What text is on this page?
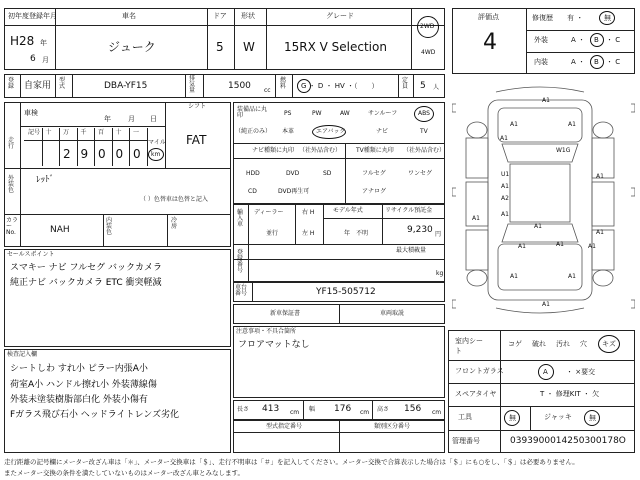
初年度登録年月
H28 年
6 月
車名
ジューク
ドア
5
形状
W
グレード
15RX V Selection
2WD
4WD
登録 自家用
型式	DBA-YF15
排気量	1500 cc
燃料 G ・ D ・ HV ・（　　）
定員 5 人
評価点
4
修復歴 有 ・	無
外装	A ・ B ・ C
内装	A ・ B ・ C
車検
年 月 日
シフト
FAT
走行
記号 十 万 千 百 十 一
2 9 0 0 0
マイル
km
外装色
ﾚｯﾄﾞ
（ ）色替車は色替と記入
カラーNo.	NAH
内装色
冷房
装備品に丸印
（純正のみ）
PS	PW	AW	サンルーフ	ABS
本革	エアバック	ナビ	TV
ナビ種類に丸印 （社外品含む） TV種類に丸印 （社外品含む）
HDD	DVD	SD
CD	DVD再生可
フルセグ	ワンセグ
アナログ
輸入車
ディーラー
並行
右 H
左 H
モデル年式
年　不明
リサイクル預託金
9,230 円
最大積載量
登録番号	kg
車台番号	YF15-505712
新車保証書	車両取説
セールスポイント
スマキー ナビ フルセグ バックカメラ
純正ナビ バックカメラ ETC 衝突軽減
注意事項・不具合箇所
フロアマットなし
検査記入欄
シートしわ すれ小 ピラー内張A小
荷室A小 ハンドル擦れ小 外装薄線傷
外装未塗装樹脂部白化 外装小傷有
Fガラス飛び石小 ヘッドライトレンズ劣化
長さ 413 cm 幅 176 cm 高さ 156 cm
型式指定番号	類別区分番号
A1
A1	A1
W1G
A1
U1
A1
A2
A1
A1
A1	A1
A1
A1
A1
A1	A1
A1
A1
室内シート
コゲ 破れ 汚れ 穴 キズ
フロントガラス	A	・ ×要交
スペアタイヤ	T ・ 修理KIT ・ 欠
工具	無	ジャッキ 無
管理番号	0393900014250300178O
走行距離の記号欄にメーター改ざん車は「＊」、メーター交換車は「＄」、走行不明車は「＃」を記入してください。メーター交換で合算表示した場合は「＄」にも○をし、「＄」は必要ありません。
またメーター交換の条件を満たしていないものはメーター改ざん車とみなします。
